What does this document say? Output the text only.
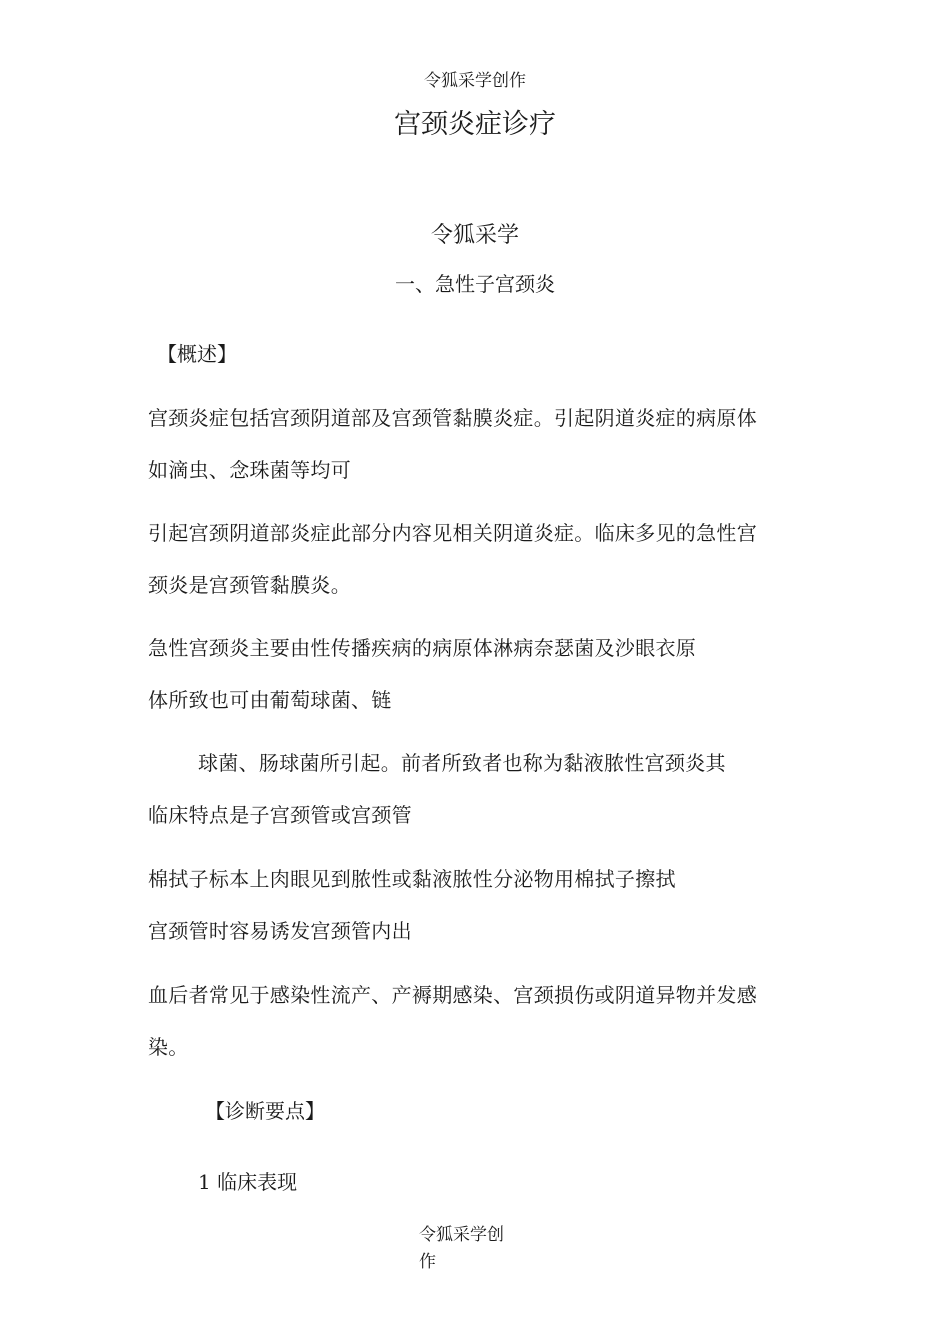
令狐采学创作
宫颈炎症诊疗
令狐采学
一、急性子宫颈炎
【概述】
宫颈炎症包括宫颈阴道部及宫颈管黏膜炎症。引起阴道炎症的病原体
如滴虫、念珠菌等均可
引起宫颈阴道部炎症此部分内容见相关阴道炎症。临床多见的急性宫
颈炎是宫颈管黏膜炎。
急性宫颈炎主要由性传播疾病的病原体淋病奈瑟菌及沙眼衣原
体所致也可由葡萄球菌、链
球菌、肠球菌所引起。前者所致者也称为黏液脓性宫颈炎其
临床特点是子宫颈管或宫颈管
棉拭子标本上肉眼见到脓性或黏液脓性分泌物用棉拭子擦拭
宫颈管时容易诱发宫颈管内出
血后者常见于感染性流产、产褥期感染、宫颈损伤或阴道异物并发感
染。
【诊断要点】
1 临床表现
令狐采学创作
